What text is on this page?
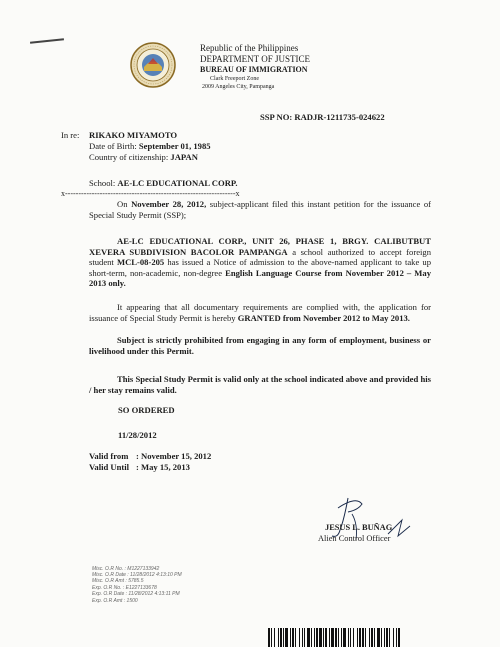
Republic of the Philippines
DEPARTMENT OF JUSTICE
BUREAU OF IMMIGRATION
Clark Freeport Zone
2009 Angeles City, Pampanga
SSP NO: RADJR-1211735-024622
In re: RIKAKO MIYAMOTO
Date of Birth: September 01, 1985
Country of citizenship: JAPAN
School: AE-LC EDUCATIONAL CORP.
x----------------------------------------------------------------x
On November 28, 2012, subject-applicant filed this instant petition for the issuance of Special Study Permit (SSP);
AE-LC EDUCATIONAL CORP., UNIT 26, PHASE 1, BRGY. CALIBUTBUT XEVERA SUBDIVISION BACOLOR PAMPANGA a school authorized to accept foreign student MCL-08-205 has issued a Notice of admission to the above-named applicant to take up short-term, non-academic, non-degree English Language Course from November 2012 – May 2013 only.
It appearing that all documentary requirements are complied with, the application for issuance of Special Study Permit is hereby GRANTED from November 2012 to May 2013.
Subject is strictly prohibited from engaging in any form of employment, business or livelihood under this Permit.
This Special Study Permit is valid only at the school indicated above and provided his / her stay remains valid.
SO ORDERED
11/28/2012
Valid from : November 15, 2012
Valid Until : May 15, 2013
JESUS L. BUÑAG
Alien Control Officer
Misc. O.R No. : M1227133942
Misc. O.R Date : 11/28/2012 4:13:10 PM
Misc. O.R Amt : 5785.5
Exp. O.R No. : E1227133678
Exp. O.R Date : 11/28/2012 4:13:11 PM
Exp. O.R Amt : 1500
